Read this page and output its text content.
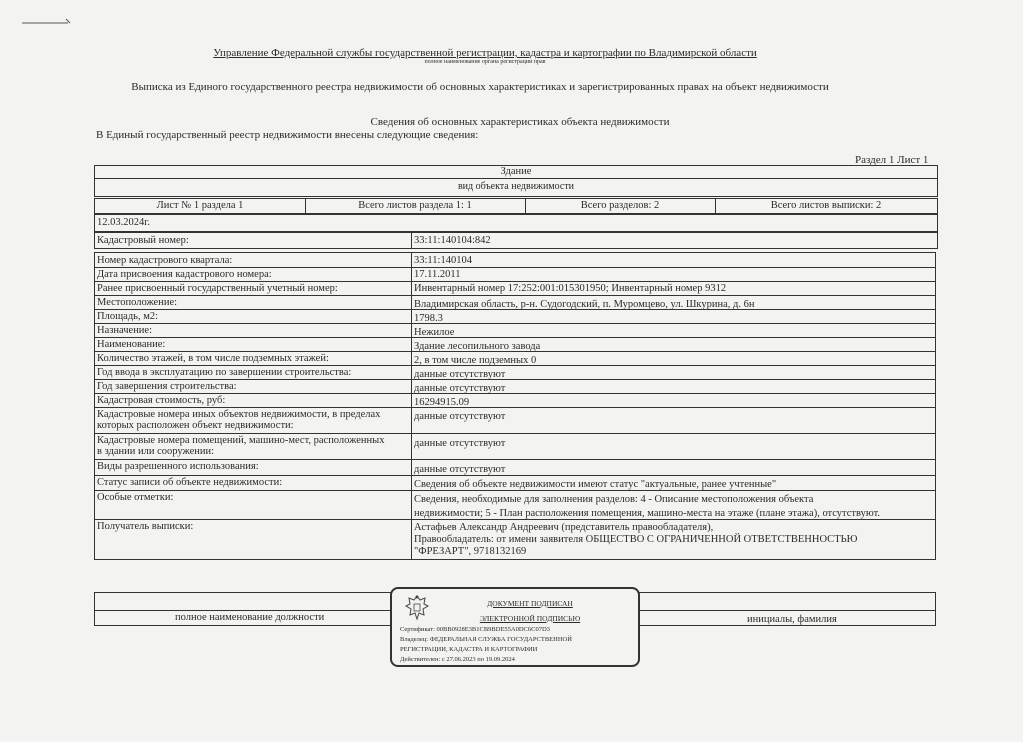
Управление Федеральной службы государственной регистрации, кадастра и картографии по Владимирской области
полное наименование органа регистрации прав
Выписка из Единого государственного реестра недвижимости об основных характеристиках и зарегистрированных правах на объект недвижимости
Сведения об основных характеристиках объекта недвижимости
В Единый государственный реестр недвижимости внесены следующие сведения:
Раздел 1 Лист 1
Здание
вид объекта недвижимости
Лист № 1 раздела 1	Всего листов раздела 1: 1	Всего разделов: 2	Всего листов выписки: 2
12.03.2024г.
Кадастровый номер:	33:11:140104:842
Номер кадастрового квартала:	33:11:140104
Дата присвоения кадастрового номера:	17.11.2011
Ранее присвоенный государственный учетный номер:	Инвентарный номер 17:252:001:015301950; Инвентарный номер 9312
Местоположение:	Владимирская область, р-н. Судогодский, п. Муромцево, ул. Шкурина, д. 6н
Площадь, м2:	1798.3
Назначение:	Нежилое
Наименование:	Здание лесопильного завода
Количество этажей, в том числе подземных этажей:	2, в том числе подземных 0
Год ввода в эксплуатацию по завершении строительства:	данные отсутствуют
Год завершения строительства:	данные отсутствуют
Кадастровая стоимость, руб:	16294915.09
Кадастровые номера иных объектов недвижимости, в пределах
которых расположен объект недвижимости:
данные отсутствуют
Кадастровые номера помещений, машино-мест, расположенных
в здании или сооружении:
данные отсутствуют
Виды разрешенного использования:	данные отсутствуют
Статус записи об объекте недвижимости:	Сведения об объекте недвижимости имеют статус "актуальные, ранее учтенные"
Особые отметки:	Сведения, необходимые для заполнения разделов: 4 - Описание местоположения объекта
недвижимости; 5 - План расположения помещения, машино-места на этаже (плане этажа), отсутствуют.
Получатель выписки:	Астафьев Александр Андреевич (представитель правообладателя),
Правообладатель: от имени заявителя ОБЩЕСТВО С ОГРАНИЧЕННОЙ ОТВЕТСТВЕННОСТЬЮ
"ФРЕЗАРТ", 9718132169
полное наименование должности	инициалы, фамилия
ДОКУМЕНТ ПОДПИСАН
ЭЛЕКТРОННОЙ ПОДПИСЬЮ
Сертификат: 00BB0928E3B1CB9BDE55A0DC6C07D3
Владелец: ФЕДЕРАЛЬНАЯ СЛУЖБА ГОСУДАРСТВЕННОЙ
РЕГИСТРАЦИИ, КАДАСТРА И КАРТОГРАФИИ
Действителен: с 27.06.2023 по 19.09.2024
